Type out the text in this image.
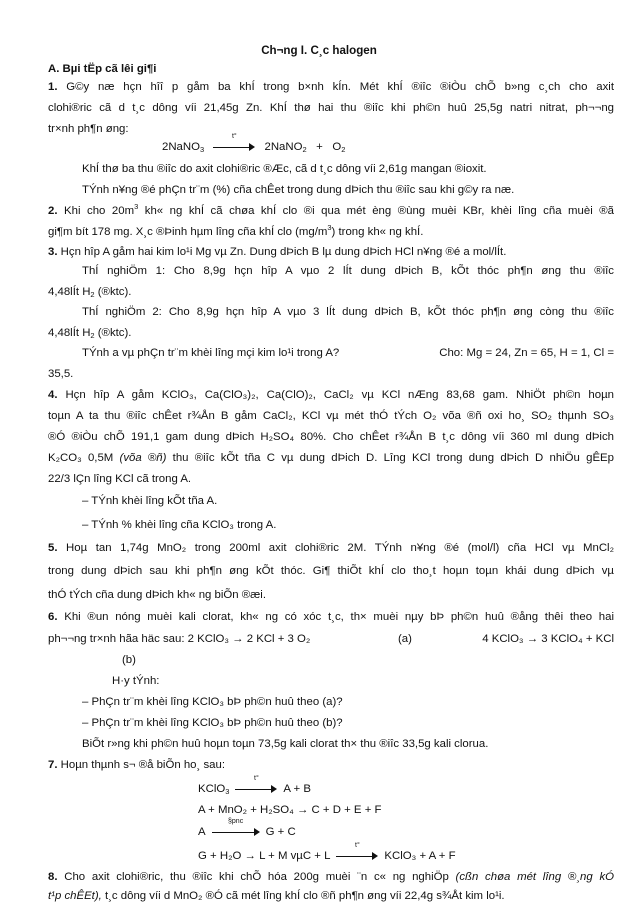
Ch¬ng I. C¸c halogen
A. Bµi tËp cã lêi gi¶i
1. G©y næ hçn hîî p gåm ba khÍ trong b×nh kÍn. Mét khÍ ®iîc ®iÒu chÕ b»ng c¸ch cho axit
clohi®ric cã d t¸c dông víi 21,45g Zn. KhÍ thø hai thu ®iîc khi ph©n huû 25,5g natri nitrat, ph¬¬ng
tr×nh ph¶n øng:
2NaNO$_3$
t°
2NaNO$_2$ + $O_2$
KhÍ thø ba thu ®iîc do axit clohi®ric ®Æc, cã d t¸c dông víi 2,61g mangan ®ioxit.
TÝnh n¥ng ®é phÇn tr¨m (%) cña chÊet trong dung dÞich thu ®iîc sau khi g©y ra næ.
2. Khi cho $20m^3$ kh« ng khÍ cã chøa khÍ clo ®i qua mét èng ®ùng muèi KBr, khèi lîng cña muèi ®ã
gi¶m bít 178 mg. X¸c ®Þinh hµm lîng cña khÍ clo $(mg/m^3)$ trong kh« ng khÍ.
3. Hçn hîp A gåm hai kim lo¹i Mg vµ Zn. Dung dÞich B lµ dung dÞich HCl n¥ng ®é a mol/lÍt.
ThÍ nghiÖm 1: Cho 8,9g hçn hîp A vµo 2 lÍt dung dÞich B, kÕt thóc ph¶n øng thu ®iîc
4,48lÍt $H_2$ (®ktc).
ThÍ nghiÖm 2: Cho 8,9g hçn hîp A vµo 3 lÍt dung dÞich B, kÕt thóc ph¶n øng còng thu ®iîc
4,48lÍt $H_2$ (®ktc).
TÝnh a vµ phÇn tr¨m khèi lîng mçi kim lo¹i trong A?	Cho: Mg = 24, Zn = 65, H = 1, Cl =
35,5.
4. Hçn hîp A gåm KClO₃, Ca(ClO₃)₂, Ca(ClO)₂, CaCl₂ vµ KCl nÆng 83,68 gam. NhiÖt ph©n hoµn
toµn A ta thu ®iîc chÊet r¾Ån B gåm CaCl₂, KCl vµ mét thÓ tÝch O₂ võa ®ñ oxi ho¸ SO₂ thµnh SO₃
®Ó ®iÒu chÕ 191,1 gam dung dÞich H₂SO₄ 80%. Cho chÊet r¾Ån B t¸c dông víi 360 ml dung dÞich
K₂CO₃ 0,5M (võa ®ñ) thu ®iîc kÕt tña C vµ dung dÞich D. Lîng KCl trong dung dÞich D nhiÖu gÊEp
22/3 lÇn lîng KCl cã trong A.
– TÝnh khèi lîng kÕt tña A.
– TÝnh % khèi lîng cña KClO₃ trong A.
5. Hoµ tan 1,74g MnO₂ trong 200ml axit clohi®ric 2M. TÝnh n¥ng ®é (mol/l) cña HCl vµ MnCl₂
trong dung dÞich sau khi ph¶n øng kÕt thóc. Gi¶ thiÕt khÍ clo tho¸t hoµn toµn khái dung dÞich vµ
thÓ tÝch cña dung dÞich kh« ng biÕn ®æi.
6. Khi ®un nóng muèi kali clorat, kh« ng có xóc t¸c, th× muèi nµy bÞ ph©n huû ®ång thêi theo hai
ph¬¬ng tr×nh hãa häc sau: 2 KClO₃ → 2 KCl + 3 O₂	(a)	4 KClO₃ → 3 KClO₄ + KCl
(b)
H·y tÝnh:
– PhÇn tr¨m khèi lîng KClO₃ bÞ ph©n huû theo (a)?
– PhÇn tr¨m khèi lîng KClO₃ bÞ ph©n huû theo (b)?
BiÕt r»ng khi ph©n huû hoµn toµn 73,5g kali clorat th× thu ®iîc 33,5g kali clorua.
7. Hoµn thµnh s¬ ®å biÕn ho¸ sau:
KClO$_3$
t°
A + B
A + MnO₂ + H₂SO₄ → C + D + E + F
A
§pnc
G + C
G + H₂O → L + M vµC + L
t°
KClO₃ + A + F
8. Cho axit clohi®ric, thu ®iîc khi chÕ hóa 200g muèi ¨n c« ng nghiÖp (cßn chøa mét lîng ®¸ng kÓ
t¹p chÊEt), t¸c dông víi d MnO₂ ®Ó cã mét lîng khÍ clo ®ñ ph¶n øng víi 22,4g s¾Åt kim lo¹i.
